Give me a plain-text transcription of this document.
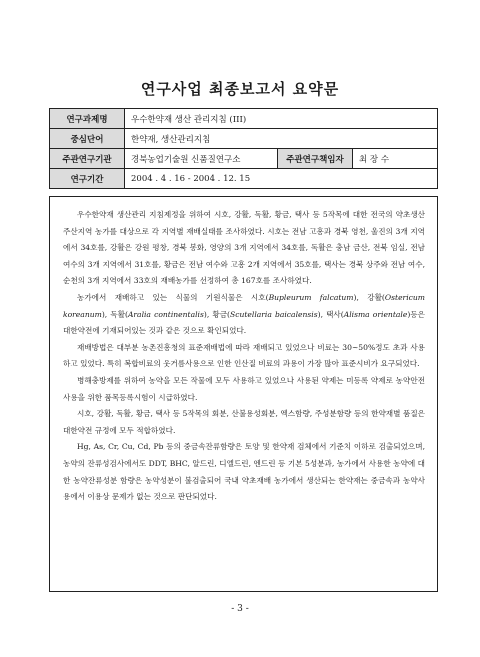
연구사업 최종보고서 요약문
연구과제명	우수한약재 생산 관리지침 (III)		
중심단어	한약재, 생산관리지침		
주관연구기관	경북농업기술원 신품질연구소	주관연구책임자	최 장 수
연구기간	2004 . 4 . 16 - 2004 . 12. 15		

우수한약재 생산관리 지침제정을 위하여 시호, 강활, 독활, 황금, 택사 등 5작목에 대한 전국의 약초생산 주산지역 농가를 대상으로 각 지역별 재배실태를 조사하였다. 시호는 전남 고흥과 경북 영천, 울진의 3개 지역에서 34호를, 강활은 강원 평창, 경북 봉화, 영양의 3개 지역에서 34호를, 독활은 충남 금산, 전북 임실, 전남 여수의 3개 지역에서 31호를, 황금은 전남 여수와 고흥 2개 지역에서 35호를, 택사는 경북 상주와 전남 여수, 순천의 3개 지역에서 33호의 재배농가를 선정하여 총 167호를 조사하였다.

농가에서 재배하고 있는 식물의 기원식물은 시호(Bupleurum falcatum), 강활(Ostericum koreanum), 독활(Aralia continentalis), 황금(Scutellaria baicalensis), 택사(Alisma orientale)등은 대한약전에 기재되어있는 것과 같은 것으로 확인되었다.

재배방법은 대부분 농촌진흥청의 표준재배법에 따라 재배되고 있었으나 비료는 30~50%정도 초과 사용하고 있었다. 특히 복합비료의 웃거름사용으로 인한 인산질 비료의 과용이 가장 많아 표준시비가 요구되었다.

병해충방제를 위하여 농약을 모든 작물에 모두 사용하고 있었으나 사용된 약제는 미등록 약제로 농약안전사용을 위한 품목등록시험이 시급하였다.

시호, 강활, 독활, 황금, 택사 등 5작목의 회분, 산불용성회분, 엑스함량, 주성분함량 등의 한약재별 품질은 대한약전 규정에 모두 적합하였다.

Hg, As, Cr, Cu, Cd, Pb 등의 중금속잔류함량은 토양 및 한약재 검체에서 기준치 이하로 검출되었으며, 농약의 잔류성검사에서도 DDT, BHC, 알드린, 디엘드린, 엔드린 등 기본 5성분과, 농가에서 사용한 농약에 대한 농약잔류성분 함량은 농약성분이 불검출되어 국내 약초재배 농가에서 생산되는 한약재는 중금속과 농약사용에서 이용상 문제가 없는 것으로 판단되었다.

- 3 -
